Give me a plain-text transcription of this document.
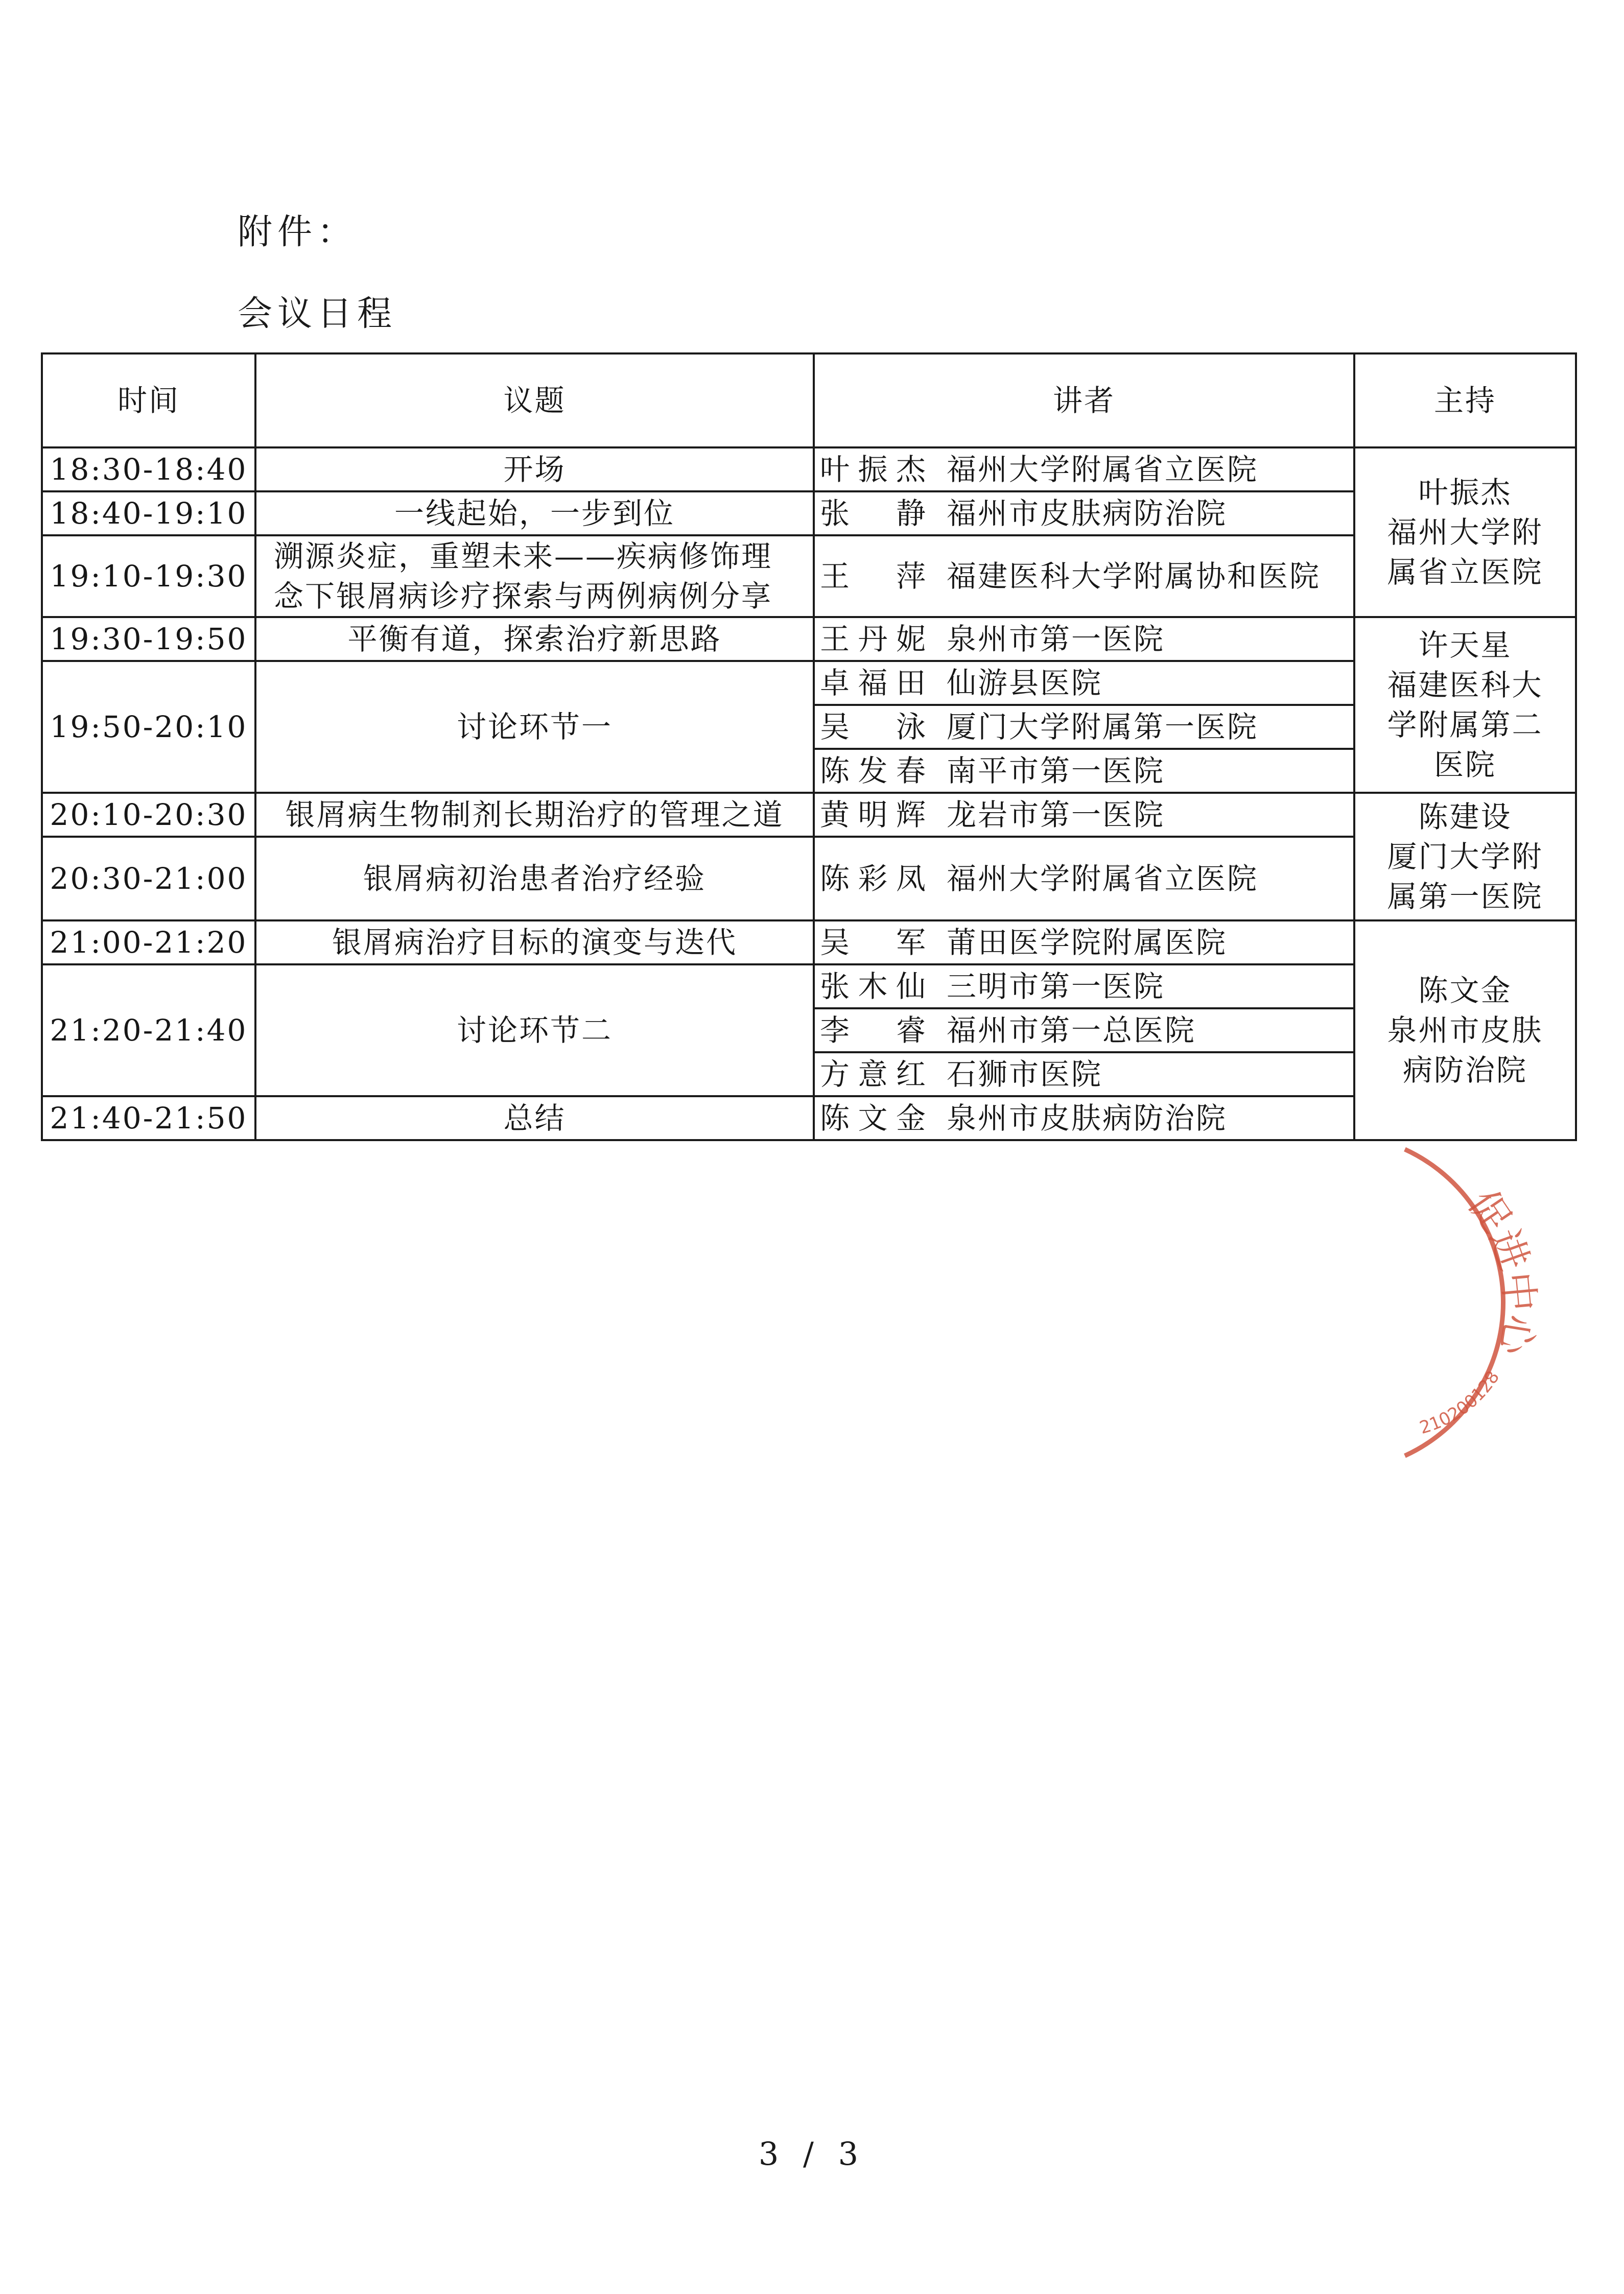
附件：
会议日程
时间	议题	讲者	主持
18:30-18:40	开场	叶振杰 福州大学附属省立医院	叶振杰
福州大学附
属省立医院

18:40-19:10	一线起始，一步到位	张 静 福州市皮肤病防治院	
19:10-19:30	溯源炎症，重塑未来——疾病修饰理
念下银屑病诊疗探索与两例病例分享	王 萍 福建医科大学附属协和医院	
19:30-19:50	平衡有道，探索治疗新思路	王丹妮 泉州市第一医院	许天星
福建医科大
学附属第二
医院

19:50-20:10	讨论环节一	卓福田 仙游县医院	
		吴 泳 厦门大学附属第一医院	
		陈发春 南平市第一医院	
20:10-20:30	银屑病生物制剂长期治疗的管理之道	黄明辉 龙岩市第一医院	陈建设
厦门大学附
属第一医院

20:30-21:00	银屑病初治患者治疗经验	陈彩凤 福州大学附属省立医院	
21:00-21:20	银屑病治疗目标的演变与迭代	吴 军 莆田医学院附属医院	陈文金
泉州市皮肤
病防治院

21:20-21:40	讨论环节二	张木仙 三明市第一医院	
		李 睿 福州市第一总医院	
		方意红 石狮市医院	
21:40-21:50	总结	陈文金 泉州市皮肤病防治院	
促进中心
210200128
3 / 3
